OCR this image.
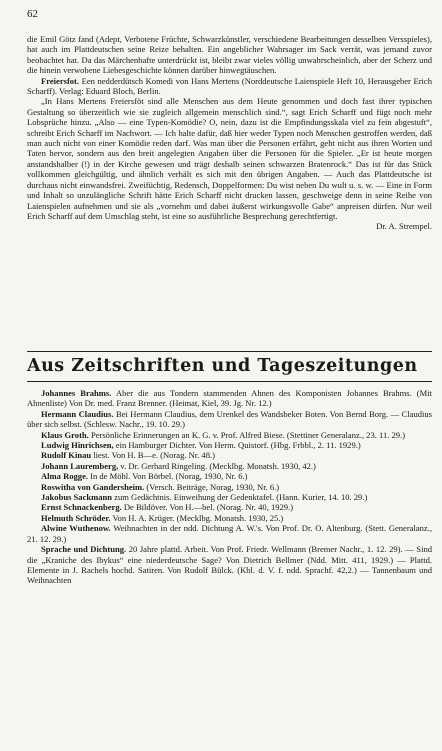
62

die Emil Götz fand (Adept, Verbotene Früchte, Schwarzkünstler, verschiedene Bearbeitungen desselben Versspieles), hat auch im Plattdeutschen seine Reize behalten. Ein angeblicher Wahrsager im Sack verrät, was jemand zuvor beobachtet hat. Da das Märchenhafte unterdrückt ist, bleibt zwar vieles völlig unwahrscheinlich, aber der Scherz und die hinein verwobene Liebesgeschichte können darüber hinwegtäuschen.

Freiersfot. Een nedderdütsch Komedi von Hans Mertens (Norddeutsche Laienspiele Heft 10, Herausgeber Erich Scharff). Verlag: Eduard Bloch, Berlin.

„In Hans Mertens Freiersföt sind alle Menschen aus dem Heute genommen und doch fast ihrer typischen Gestaltung so überzeitlich wie sie zugleich allgemein menschlich sind.“, sagt Erich Scharff und fügt noch mehr Lobsprüche hinzu. „Also — eine Typen-Komödie? O, nein, dazu ist die Empfindungsskala viel zu fein abgestuft“, schreibt Erich Scharff im Nachwort. — Ich halte dafür, daß hier weder Typen noch Menschen gestroffen werden, daß man auch nicht von einer Komödie reden darf. Was man über die Personen erfährt, geht nicht aus ihren Worten und Taten hervor, sondern aus den breit angelegten Angaben über die Personen für die Spieler. „Er ist heute morgen anstandshalber (!) in der Kirche gewesen und trägt deshalb seinen schwarzen Bratenrock.“ Das ist für das Stück vollkommen gleichgültig, und ähnlich verhält es sich mit den übrigen Angaben. — Auch das Plattdeutsche ist durchaus nicht einwandsfrei. Zweifüchtig, Redensch, Doppelformen: Du wist neben Du wult u. s. w. — Eine in Form und Inhalt so unzulängliche Schrift hätte Erich Scharff nicht drucken lassen, geschweige denn in seine Reihe von Laienspielen aufnehmen und sie als „vornehm und dabei äußerst wirkungsvolle Gabe“ anpreisen dürfen. Nur weil Erich Scharff auf dem Umschlag steht, ist eine so ausführliche Besprechung gerechtfertigt.

Dr. A. Strempel.

Aus Zeitschriften und Tageszeitungen

Johannes Brahms. Aber die aus Tondern stammenden Ahnen des Komponisten Johannes Brahms. (Mit Ahnenliste) Von Dr. med. Franz Brenner. (Heimat, Kiel, 39. Jg. Nr. 12.)

Hermann Claudius. Bei Hermann Claudius, dem Urenkel des Wandsbeker Boten. Von Bernd Borg. — Claudius über sich selbst. (Schlesw. Nachr., 19. 10. 29.)

Klaus Groth. Persönliche Erinnerungen an K. G. v. Prof. Alfred Biese. (Stettiner Generalanz., 23. 11. 29.)

Ludwig Hinrichsen, ein Hamburger Dichter. Von Herm. Quistorf. (Hbg. Frbbl., 2. 11. 1929.)

Rudolf Kinau liest. Von H. B—e. (Norag. Nr. 48.)

Johann Lauremberg, v. Dr. Gerhard Ringeling. (Mecklbg. Monatsh. 1930, 42.)

Alma Rogge. In de Möhl. Von Börbel. (Norag, 1930, Nr. 6.)

Roswitha von Gandersheim. (Versch. Beiträge, Norag, 1930, Nr. 6.)

Jakobus Sackmann zum Gedächtnis. Einweihung der Gedenktafel. (Hann. Kurier, 14. 10. 29.)

Ernst Schnackenberg. De Bildöver. Von H.—bel. (Norag. Nr. 40, 1929.)

Helmuth Schröder. Von H. A. Krüger. (Mecklbg. Monatsh. 1930, 25.)

Alwine Wuthenow. Weihnachten in der ndd. Dichtung A. W.'s. Von Prof. Dr. O. Altenburg. (Stett. Generalanz., 21. 12. 29.)

Sprache und Dichtung. 20 Jahre plattd. Arbeit. Von Prof. Friedr. Wellmann (Bremer Nachr., 1. 12. 29). — Sind die „Kraniche des Ibykus“ eine niederdeutsche Sage? Von Dietrich Bellmer (Ndd. Mitt. 411, 1929.) — Plattd. Elemente in J. Rachels hochd. Satiren. Von Rudolf Bülck. (Kbl. d. V. f. ndd. Sprachf. 42,2.) — Tannenbaum und Weihnachten
